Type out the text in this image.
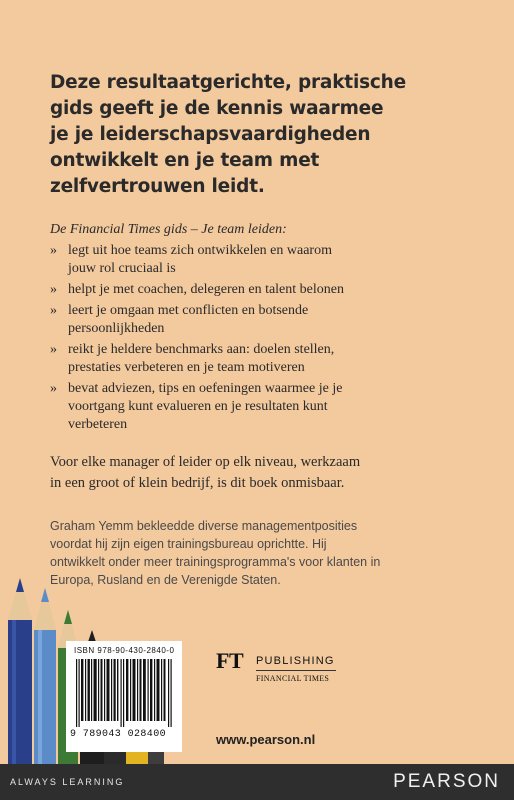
Deze resultaatgerichte, praktische
gids geeft je de kennis waarmee
je je leiderschapsvaardigheden
ontwikkelt en je team met
zelfvertrouwen leidt.
De Financial Times gids – Je team leiden:
» legt uit hoe teams zich ontwikkelen en waarom
jouw rol cruciaal is
» helpt je met coachen, delegeren en talent belonen
» leert je omgaan met conflicten en botsende
persoonlijkheden
» reikt je heldere benchmarks aan: doelen stellen,
prestaties verbeteren en je team motiveren
» bevat adviezen, tips en oefeningen waarmee je je
voortgang kunt evalueren en je resultaten kunt
verbeteren
Voor elke manager of leider op elk niveau, werkzaam
in een groot of klein bedrijf, is dit boek onmisbaar.
Graham Yemm bekleedde diverse managementposities
voordat hij zijn eigen trainingsbureau oprichtte. Hij
ontwikkelt onder meer trainingsprogramma's voor klanten in
Europa, Rusland en de Verenigde Staten.
ISBN 978-90-430-2840-0
9 789043 028400
FT PUBLISHING
FINANCIAL TIMES
www.pearson.nl
ALWAYS LEARNING	PEARSON
